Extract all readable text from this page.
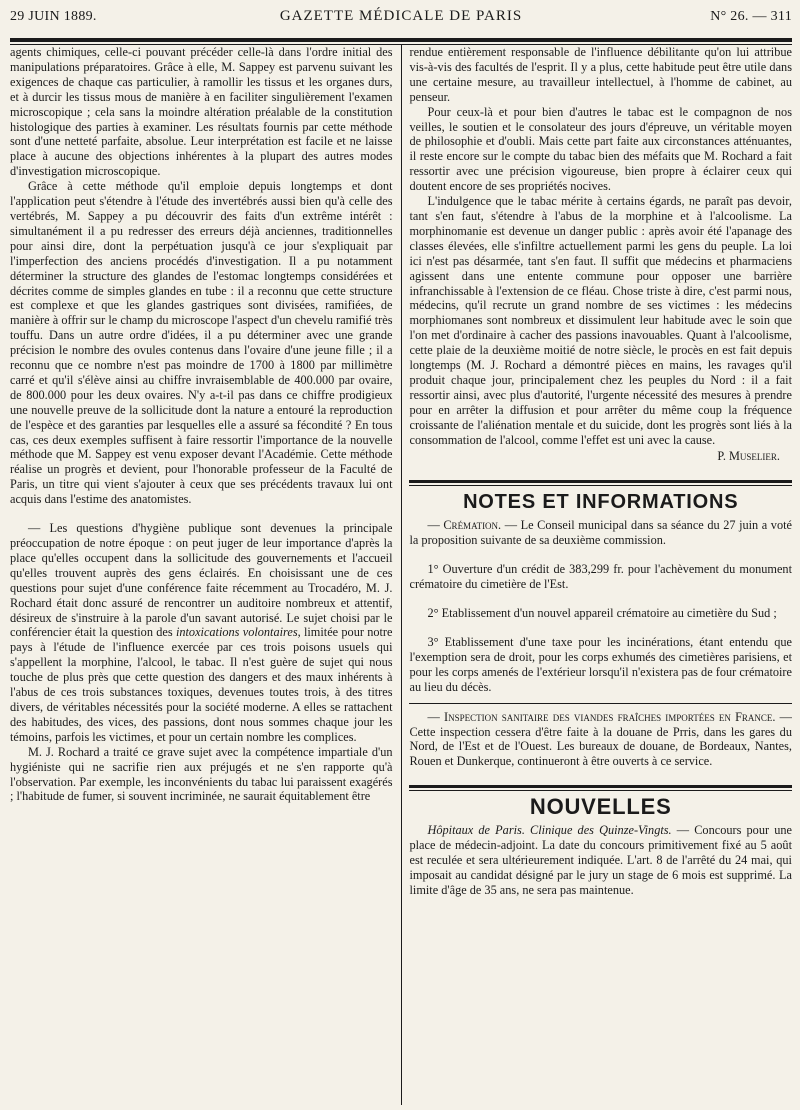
29 JUIN 1889.	GAZETTE MÉDICALE DE PARIS	N° 26. — 311

agents chimiques, celle-ci pouvant précéder celle-là dans l'ordre initial des manipulations préparatoires. Grâce à elle, M. Sappey est parvenu suivant les exigences de chaque cas particulier, à ramollir les tissus et les organes durs, et à durcir les tissus mous de manière à en faciliter singulièrement l'examen microscopique ; cela sans la moindre altération préalable de la constitution histologique des parties à examiner. Les résultats fournis par cette méthode sont d'une netteté parfaite, absolue. Leur interprétation est facile et ne laisse place à aucune des objections inhérentes à la plupart des autres modes d'investigation microscopique.

Grâce à cette méthode qu'il emploie depuis longtemps et dont l'application peut s'étendre à l'étude des invertébrés aussi bien qu'à celle des vertébrés, M. Sappey a pu découvrir des faits d'un extrême intérêt : simultanément il a pu redresser des erreurs déjà anciennes, traditionnelles pour ainsi dire, dont la perpétuation jusqu'à ce jour s'expliquait par l'imperfection des anciens procédés d'investigation. Il a pu notamment déterminer la structure des glandes de l'estomac longtemps considérées et décrites comme de simples glandes en tube : il a reconnu que cette structure est complexe et que les glandes gastriques sont divisées, ramifiées, de manière à offrir sur le champ du microscope l'aspect d'un chevelu ramifié très touffu. Dans un autre ordre d'idées, il a pu déterminer avec une grande précision le nombre des ovules contenus dans l'ovaire d'une jeune fille ; il a reconnu que ce nombre n'est pas moindre de 1700 à 1800 par millimètre carré et qu'il s'élève ainsi au chiffre invraisemblable de 400.000 par ovaire, de 800.000 pour les deux ovaires. N'y a-t-il pas dans ce chiffre prodigieux une nouvelle preuve de la sollicitude dont la nature a entouré la reproduction de l'espèce et des garanties par lesquelles elle a assuré sa fécondité ? En tous cas, ces deux exemples suffisent à faire ressortir l'importance de la nouvelle méthode que M. Sappey est venu exposer devant l'Académie. Cette méthode réalise un progrès et devient, pour l'honorable professeur de la Faculté de Paris, un titre qui vient s'ajouter à ceux que ses précédents travaux lui ont acquis dans l'estime des anatomistes.

— Les questions d'hygiène publique sont devenues la principale préoccupation de notre époque : on peut juger de leur importance d'après la place qu'elles occupent dans la sollicitude des gouvernements et l'accueil qu'elles trouvent auprès des gens éclairés. En choisissant une de ces questions pour sujet d'une conférence faite récemment au Trocadéro, M. J. Rochard était donc assuré de rencontrer un auditoire nombreux et attentif, désireux de s'instruire à la parole d'un savant autorisé. Le sujet choisi par le conférencier était la question des intoxications volontaires, limitée pour notre pays à l'étude de l'influence exercée par ces trois poisons usuels qui s'appellent la morphine, l'alcool, le tabac. Il n'est guère de sujet qui nous touche de plus près que cette question des dangers et des maux inhérents à l'abus de ces trois substances toxiques, devenues toutes trois, à des titres divers, de véritables nécessités pour la société moderne. A elles se rattachent des habitudes, des vices, des passions, dont nous sommes chaque jour les témoins, parfois les victimes, et pour un certain nombre les complices.

M. J. Rochard a traité ce grave sujet avec la compétence impartiale d'un hygiéniste qui ne sacrifie rien aux préjugés et ne s'en rapporte qu'à l'observation. Par exemple, les inconvénients du tabac lui paraissent exagérés ; l'habitude de fumer, si souvent incriminée, ne saurait équitablement être

rendue entièrement responsable de l'influence débilitante qu'on lui attribue vis-à-vis des facultés de l'esprit. Il y a plus, cette habitude peut être utile dans une certaine mesure, au travailleur intellectuel, à l'homme de cabinet, au penseur.

Pour ceux-là et pour bien d'autres le tabac est le compagnon de nos veilles, le soutien et le consolateur des jours d'épreuve, un véritable moyen de philosophie et d'oubli. Mais cette part faite aux circonstances atténuantes, il reste encore sur le compte du tabac bien des méfaits que M. Rochard a fait ressortir avec une précision vigoureuse, bien propre à éclairer ceux qui doutent encore de ses propriétés nocives.

L'indulgence que le tabac mérite à certains égards, ne paraît pas devoir, tant s'en faut, s'étendre à l'abus de la morphine et à l'alcoolisme. La morphinomanie est devenue un danger public : après avoir été l'apanage des classes élevées, elle s'infiltre actuellement parmi les gens du peuple. La loi ici n'est pas désarmée, tant s'en faut. Il suffit que médecins et pharmaciens agissent dans une entente commune pour opposer une barrière infranchissable à l'extension de ce fléau. Chose triste à dire, c'est parmi nous, médecins, qu'il recrute un grand nombre de ses victimes : les médecins morphiomanes sont nombreux et dissimulent leur habitude avec le soin que l'on met d'ordinaire à cacher des passions inavouables. Quant à l'alcoolisme, cette plaie de la deuxième moitié de notre siècle, le procès en est fait depuis longtemps (M. J. Rochard a démontré pièces en mains, les ravages qu'il produit chaque jour, principalement chez les peuples du Nord : il a fait ressortir ainsi, avec plus d'autorité, l'urgente nécessité des mesures à prendre pour en arrêter la diffusion et pour arrêter du même coup la fréquence croissante de l'aliénation mentale et du suicide, dont les progrès sont liés à la consommation de l'alcool, comme l'effet est uni avec la cause.

P. Muselier.
NOTES ET INFORMATIONS

— Crémation. — Le Conseil municipal dans sa séance du 27 juin a voté la proposition suivante de sa deuxième commission.

1° Ouverture d'un crédit de 383,299 fr. pour l'achèvement du monument crématoire du cimetière de l'Est.

2° Etablissement d'un nouvel appareil crématoire au cimetière du Sud ;

3° Etablissement d'une taxe pour les incinérations, étant entendu que l'exemption sera de droit, pour les corps exhumés des cimetières parisiens, et pour les corps amenés de l'extérieur lorsqu'il n'existera pas de four crématoire au lieu du décès.

— Inspection sanitaire des viandes fraîches importées en France. — Cette inspection cessera d'être faite à la douane de Prris, dans les gares du Nord, de l'Est et de l'Ouest. Les bureaux de douane, de Bordeaux, Nantes, Rouen et Dunkerque, continueront à être ouverts à ce service.

NOUVELLES

Hôpitaux de Paris. Clinique des Quinze-Vingts. — Concours pour une place de médecin-adjoint. La date du concours primitivement fixé au 5 août est reculée et sera ultérieurement indiquée. L'art. 8 de l'arrêté du 24 mai, qui imposait au candidat désigné par le jury un stage de 6 mois est supprimé. La limite d'âge de 35 ans, ne sera pas maintenue.
